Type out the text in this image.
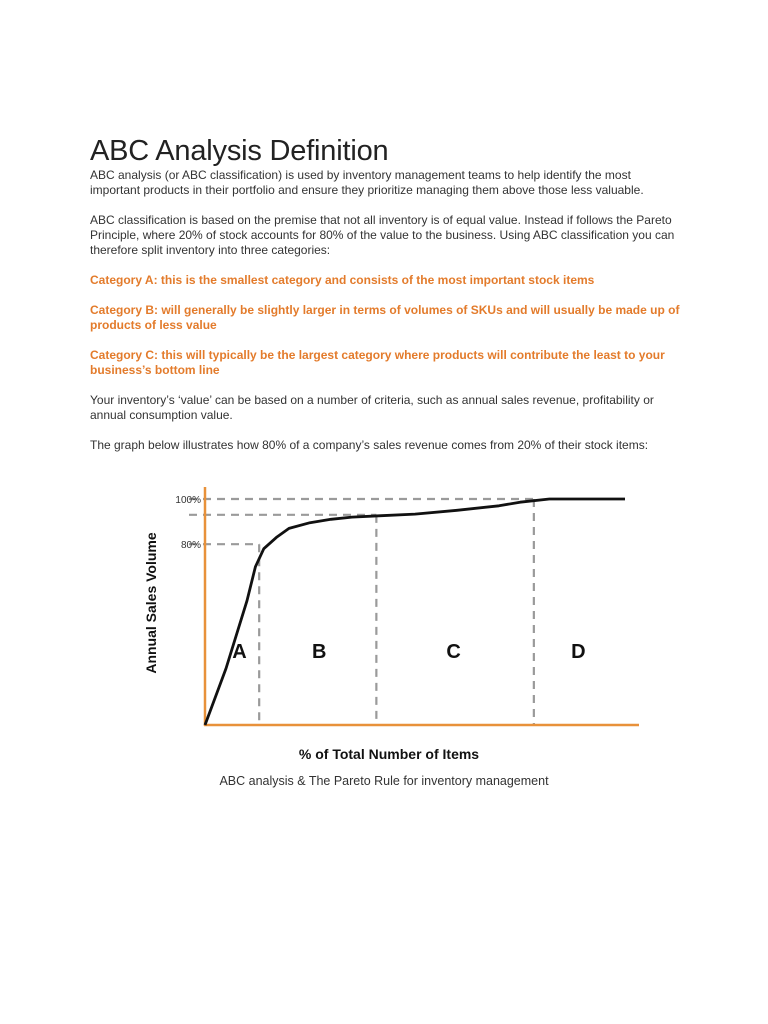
ABC Analysis Definition

ABC analysis (or ABC classification) is used by inventory management teams to help identify the most important products in their portfolio and ensure they prioritize managing them above those less valuable.

ABC classification is based on the premise that not all inventory is of equal value. Instead if follows the Pareto Principle, where 20% of stock accounts for 80% of the value to the business. Using ABC classification you can therefore split inventory into three categories:

Category A: this is the smallest category and consists of the most important stock items

Category B: will generally be slightly larger in terms of volumes of SKUs and will usually be made up of products of less value

Category C: this will typically be the largest category where products will contribute the least to your business’s bottom line

Your inventory’s ‘value’ can be based on a number of criteria, such as annual sales revenue, profitability or annual consumption value.

The graph below illustrates how 80% of a company’s sales revenue comes from 20% of their stock items:

100%
80%
A	B	C	D
Annual Sales Volume
% of Total Number of Items
ABC analysis & The Pareto Rule for inventory management
